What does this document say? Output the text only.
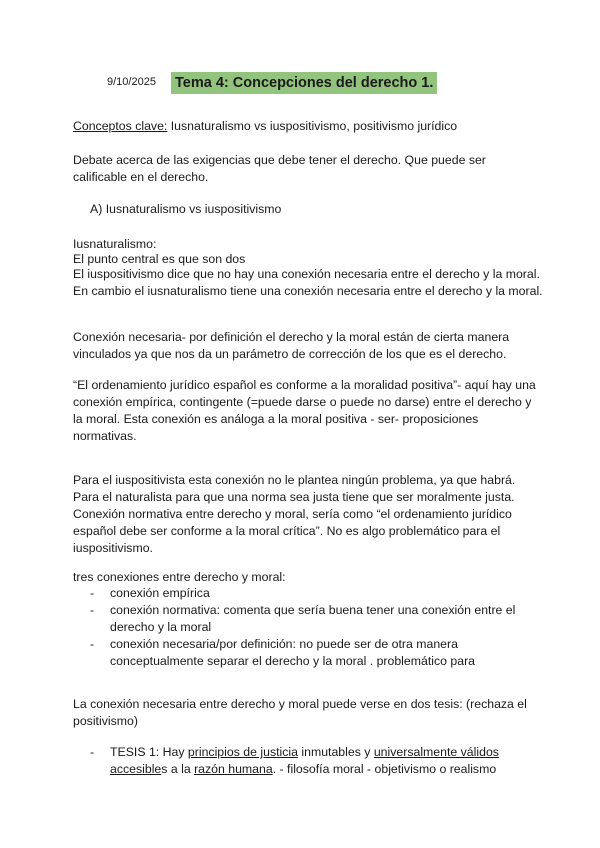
9/10/2025 Tema 4: Concepciones del derecho 1.

Conceptos clave: Iusnaturalismo vs iuspositivismo, positivismo jurídico

Debate acerca de las exigencias que debe tener el derecho. Que puede ser calificable en el derecho.

A) Iusnaturalismo vs iuspositivismo

Iusnaturalismo:

El punto central es que son dos

El iuspositivismo dice que no hay una conexión necesaria entre el derecho y la moral. En cambio el iusnaturalismo tiene una conexión necesaria entre el derecho y la moral.

Conexión necesaria- por definición el derecho y la moral están de cierta manera vinculados ya que nos da un parámetro de corrección de los que es el derecho.

“El ordenamiento jurídico español es conforme a la moralidad positiva”- aquí hay una conexión empírica, contingente (=puede darse o puede no darse) entre el derecho y la moral. Esta conexión es análoga a la moral positiva - ser- proposiciones normativas.

Para el iuspositivista esta conexión no le plantea ningún problema, ya que habrá. Para el naturalista para que una norma sea justa tiene que ser moralmente justa. Conexión normativa entre derecho y moral, sería como “el ordenamiento jurídico español debe ser conforme a la moral crítica”. No es algo problemático para el iuspositivismo.

tres conexiones entre derecho y moral:

- conexión empírica
- conexión normativa: comenta que sería buena tener una conexión entre el derecho y la moral
- conexión necesaria/por definición: no puede ser de otra manera conceptualmente separar el derecho y la moral . problemático para

La conexión necesaria entre derecho y moral puede verse en dos tesis: (rechaza el positivismo)

- TESIS 1: Hay principios de justicia inmutables y universalmente válidos accesibles a la razón humana. - filosofía moral - objetivismo o realismo
